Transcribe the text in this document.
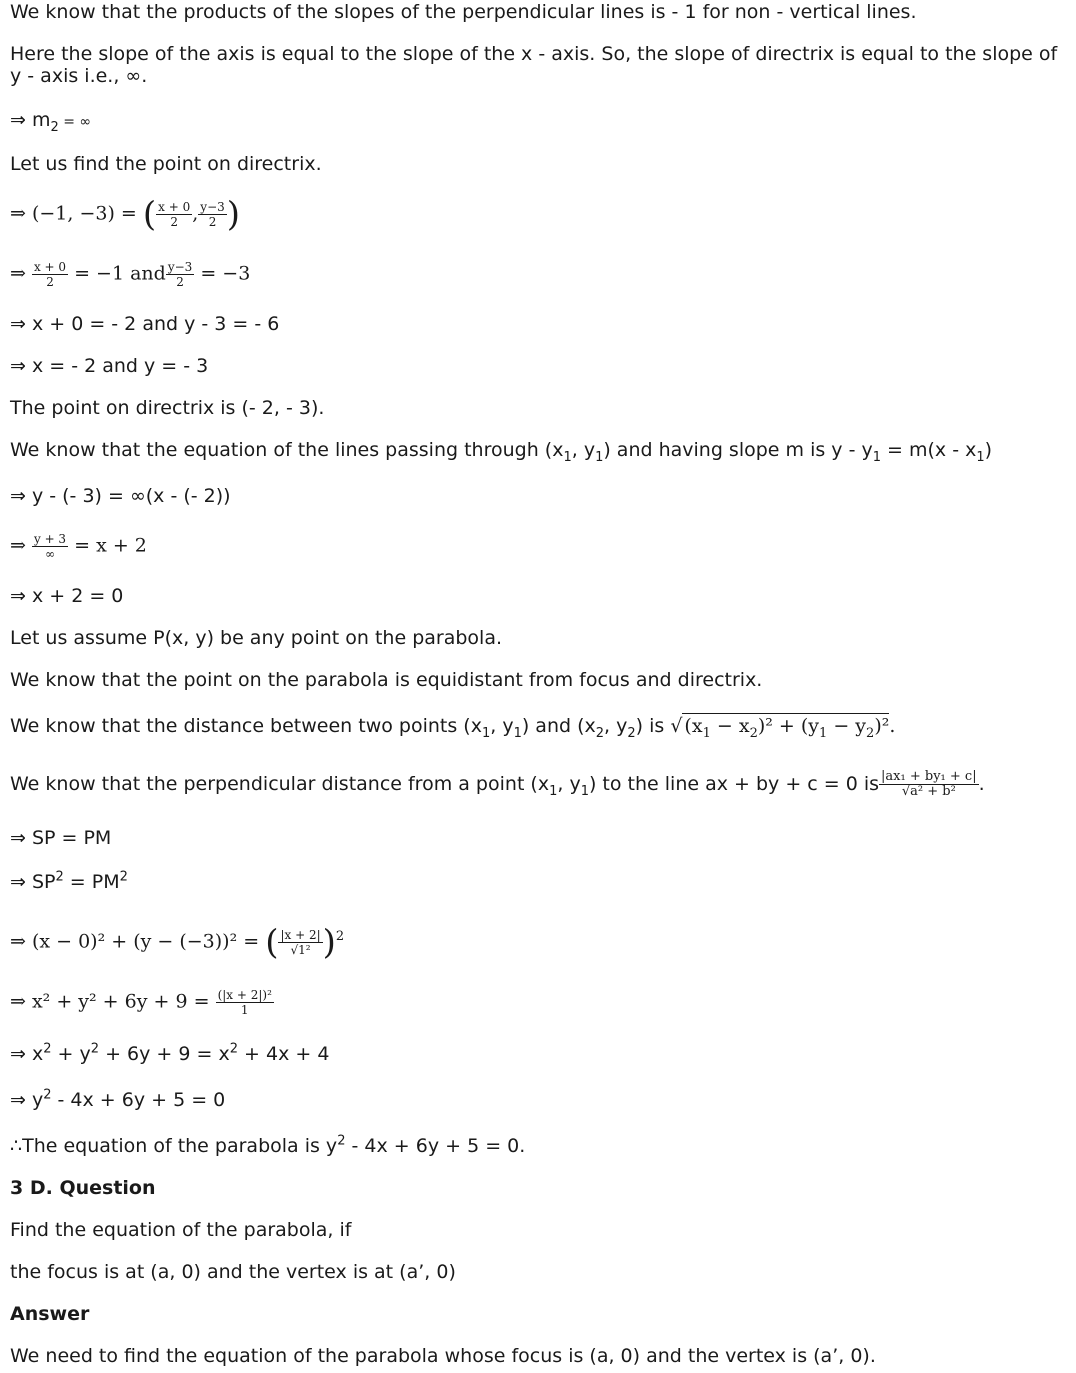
We know that the products of the slopes of the perpendicular lines is - 1 for non - vertical lines.
Here the slope of the axis is equal to the slope of the x - axis. So, the slope of directrix is equal to the slope of
y - axis i.e., ∞.
⇒ $m_2$ = ∞
Let us find the point on directrix.
⇒ (−1, −3) = ( $\frac{x + 0}{2}$ , $\frac{y-3}{2}$ )
⇒ $\frac{x + 0}{2} = -1$ and $\frac{y-3}{2} = -3$
⇒ x + 0 = - 2 and y - 3 = - 6
⇒ x = - 2 and y = - 3
The point on directrix is (- 2, - 3).
We know that the equation of the lines passing through ($x_1$, $y_1$) and having slope m is $y - y_1 = m(x - x_1)$
⇒ y - (- 3) = ∞(x - (- 2))
⇒ $\frac{y + 3}{\infty} = x + 2$
⇒ x + 2 = 0
Let us assume P(x, y) be any point on the parabola.
We know that the point on the parabola is equidistant from focus and directrix.
We know that the distance between two points ($x_1$, $y_1$) and ($x_2$, $y_2$) is √ $(x_1 - x_2)^2 + (y_1 - y_2)^2$.
We know that the perpendicular distance from a point ($x_1$, $y_1$) to the line ax + by + c = 0 is $\frac{\text{|ax₁ + by₁ + c|}}{\text{√a² + b²}}$ .
⇒ SP = PM
⇒ $SP^2 = PM^2$
⇒ (x − 0)² + (y − (−3))² = ( $\frac{|x + 2|}{\text{√1²}} )^2$
⇒ $x^2 + y^2 + 6y + 9 = \frac{\text{(|x + 2|)²}}{1}$
⇒ $x^2 + y^2 + 6y + 9 = x^2 + 4x + 4$
⇒ $y^2 - 4x + 6y + 5 = 0$
∴The equation of the parabola is $y^2 - 4x + 6y + 5 = 0$.
3 D. Question
Find the equation of the parabola, if
the focus is at (a, 0) and the vertex is at (a’, 0)
Answer
We need to find the equation of the parabola whose focus is (a, 0) and the vertex is (a’, 0).
